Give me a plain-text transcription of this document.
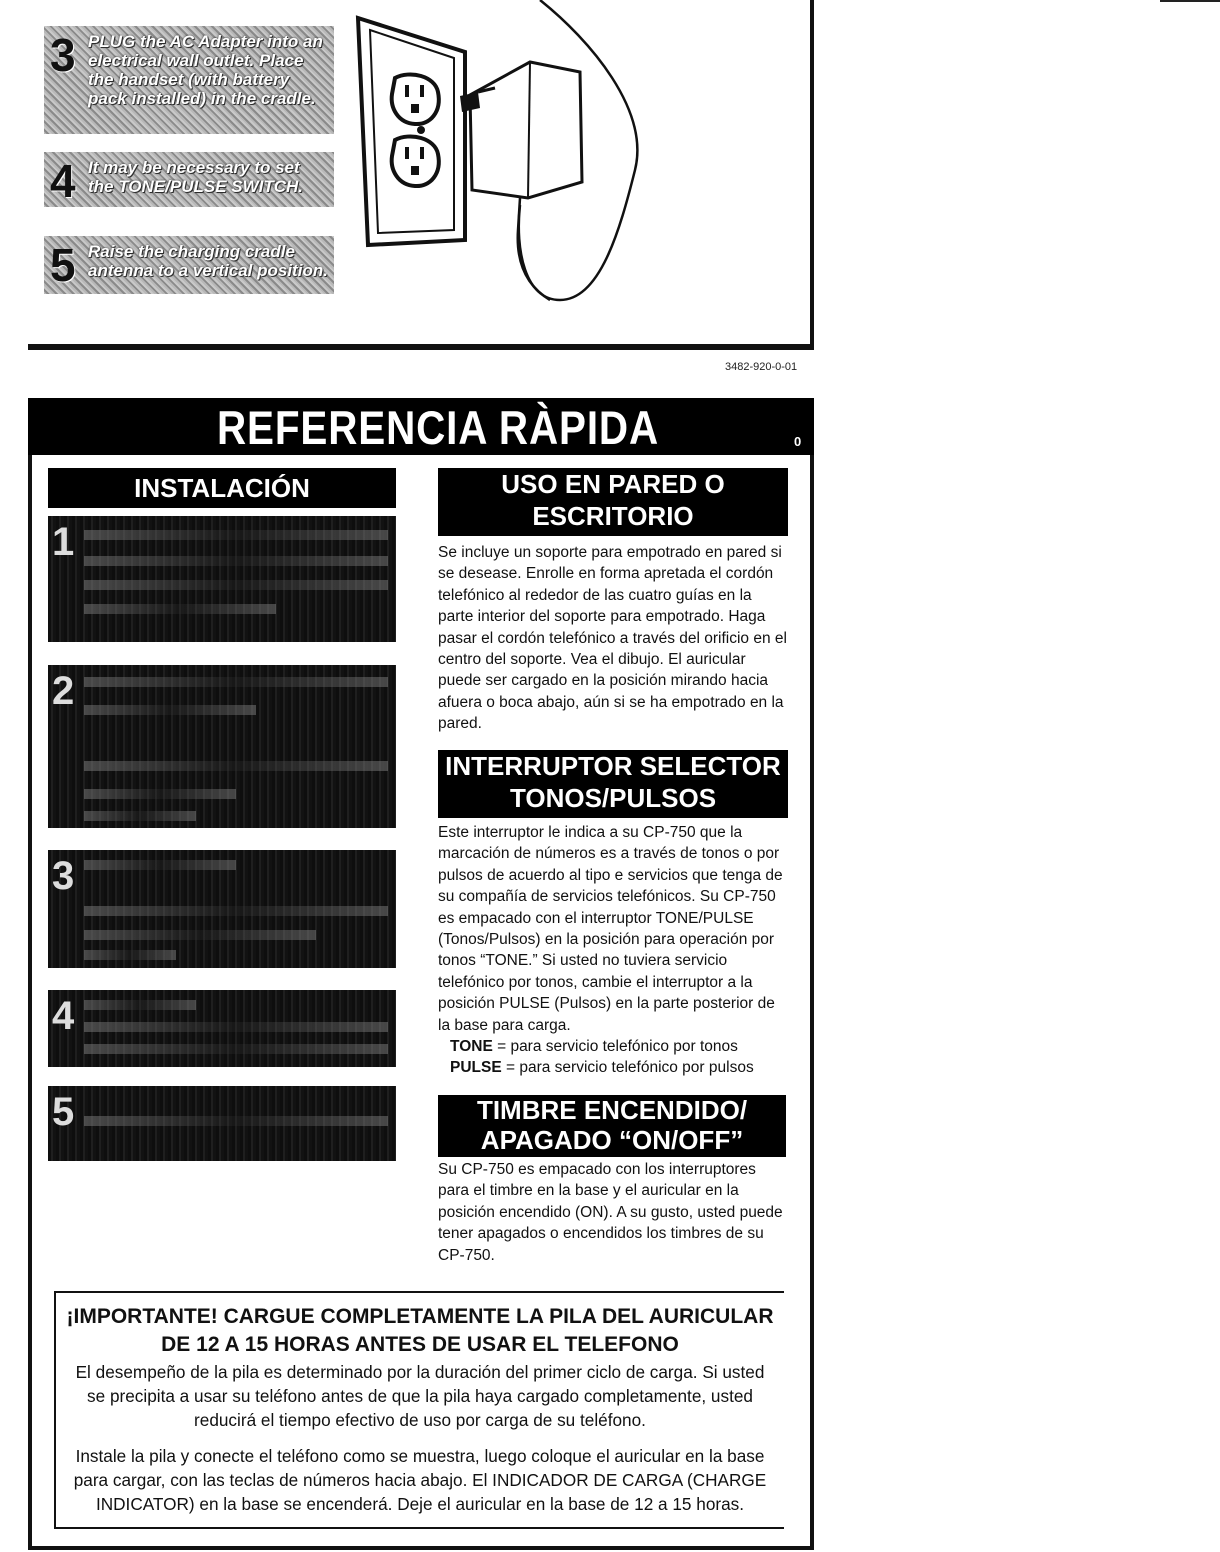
3 PLUG the AC Adapter into an electrical wall outlet. Place the handset (with battery pack installed) in the cradle.
4 It may be necessary to set the TONE/PULSE SWITCH.
5 Raise the charging cradle antenna to a vertical position.
3482-920-0-01
REFERENCIA RÀPIDA	0
INSTALACIÓN
1
2
3
4
5
USO EN PARED O
ESCRITORIO
Se incluye un soporte para empotrado en pared si se desease. Enrolle en forma apretada el cordón telefónico al rededor de las cuatro guías en la parte interior del soporte para empotrado. Haga pasar el cordón telefónico a través del orificio en el centro del soporte. Vea el dibujo. El auricular puede ser cargado en la posición mirando hacia afuera o boca abajo, aún si se ha empotrado en la pared.
INTERRUPTOR SELECTOR
TONOS/PULSOS
Este interruptor le indica a su CP-750 que la marcación de números es a través de tonos o por pulsos de acuerdo al tipo e servicios que tenga de su compañía de servicios telefónicos. Su CP-750 es empacado con el interruptor TONE/PULSE (Tonos/Pulsos) en la posición para operación por tonos “TONE.” Si usted no tuviera servicio telefónico por tonos, cambie el interruptor a la posición PULSE (Pulsos) en la parte posterior de la base para carga.
TONE = para servicio telefónico por tonos
PULSE = para servicio telefónico por pulsos
TIMBRE ENCENDIDO/
APAGADO “ON/OFF”
Su CP-750 es empacado con los interruptores para el timbre en la base y el auricular en la posición encendido (ON). A su gusto, usted puede tener apagados o encendidos los timbres de su CP-750.
¡IMPORTANTE! CARGUE COMPLETAMENTE LA PILA DEL AURICULAR
DE 12 A 15 HORAS ANTES DE USAR EL TELEFONO
El desempeño de la pila es determinado por la duración del primer ciclo de carga. Si usted
se precipita a usar su teléfono antes de que la pila haya cargado completamente, usted
reducirá el tiempo efectivo de uso por carga de su teléfono.
Instale la pila y conecte el teléfono como se muestra, luego coloque el auricular en la base
para cargar, con las teclas de números hacia abajo. El INDICADOR DE CARGA (CHARGE
INDICATOR) en la base se encenderá. Deje el auricular en la base de 12 a 15 horas.
